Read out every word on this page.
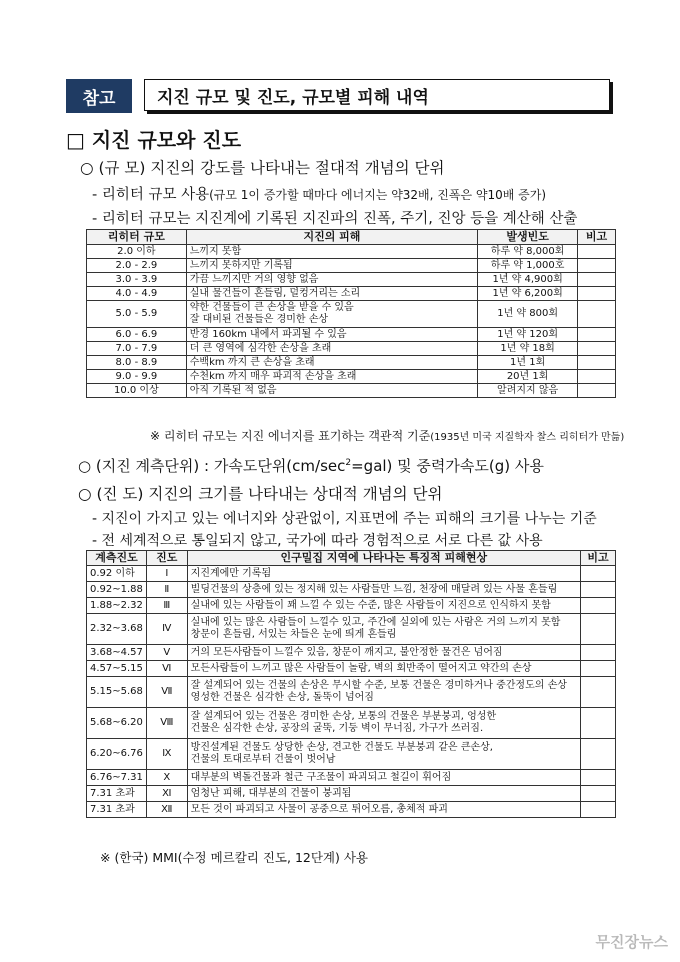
참고	지진 규모 및 진도, 규모별 피해 내역
□ 지진 규모와 진도
○ (규 모) 지진의 강도를 나타내는 절대적 개념의 단위
- 리히터 규모 사용(규모 1이 증가할 때마다 에너지는 약32배, 진폭은 약10배 증가)
- 리히터 규모는 지진계에 기록된 지진파의 진폭, 주기, 진앙 등을 계산해 산출
리히터 규모	지진의 피해	발생빈도	비고
2.0 이하	느끼지 못함	하루 약 8,000회	
2.0 - 2.9	느끼지 못하지만 기록됨	하루 약 1,000호	
3.0 - 3.9	가끔 느끼지만 거의 영향 없음	1년 약 4,900회	
4.0 - 4.9	실내 물건들이 흔들림, 덜컹거리는 소리	1년 약 6,200회	
5.0 - 5.9	약한 건물들이 큰 손상을 받을 수 있음
잘 대비된 건물들은 경미한 손상	1년 약 800회	
6.0 - 6.9	반경 160km 내에서 파괴될 수 있음	1년 약 120회	
7.0 - 7.9	더 큰 영역에 심각한 손상을 초래	1년 약 18회	
8.0 - 8.9	수백km 까지 큰 손상을 초래	1년 1회	
9.0 - 9.9	수천km 까지 매우 파괴적 손상을 초래	20년 1회	
10.0 이상	아직 기록된 적 없음	알려지지 않음	
※ 리히터 규모는 지진 에너지를 표기하는 객관적 기준(1935년 미국 지질학자 찰스 리히터가 만듦)
○ (지진 계측단위) : 가속도단위$(cm/\sec^2=gal)$ 및 중력가속도(g) 사용
○ (진 도) 지진의 크기를 나타내는 상대적 개념의 단위
- 지진이 가지고 있는 에너지와 상관없이, 지표면에 주는 피해의 크기를 나누는 기준
- 전 세계적으로 통일되지 않고, 국가에 따라 경험적으로 서로 다른 값 사용
계측진도	진도	인구밀집 지역에 나타나는 특징적 피해현상	비고
0.92 이하	Ⅰ	지진계에만 기록됨	
0.92~1.88	Ⅱ	빌딩건물의 상층에 있는 정지해 있는 사람들만 느낌, 천장에 매달려 있는 사물 흔들림	
1.88~2.32	Ⅲ	실내에 있는 사람들이 꽤 느낄 수 있는 수준, 많은 사람들이 지진으로 인식하지 못함	
2.32~3.68	Ⅳ	실내에 있는 많은 사람들이 느낄수 있고, 주간에 실외에 있는 사람은 거의 느끼지 못함
창문이 흔들림, 서있는 차들은 눈에 띄게 흔들림	
3.68~4.57	Ⅴ	거의 모든사람들이 느낄수 있음, 창문이 깨지고, 불안정한 물건은 넘어짐	
4.57~5.15	Ⅵ	모든사람들이 느끼고 많은 사람들이 놀람, 벽의 회반죽이 떨어지고 약간의 손상	
5.15~5.68	Ⅶ	잘 설계되어 있는 건물의 손상은 무시할 수준, 보통 건물은 경미하거나 중간정도의 손상
영성한 건물은 심각한 손상, 돌뚝이 넘어짐	
5.68~6.20	Ⅷ	잘 설계되어 있는 건물은 경미한 손상, 보통의 건물은 부분붕괴, 엉성한
건물은 심각한 손상, 공장의 굴뚝, 기둥 벽이 무너짐, 가구가 쓰러짐.	
6.20~6.76	Ⅸ	방진설계된 건물도 상당한 손상, 견고한 건물도 부분붕괴 같은 큰손상,
건물의 토대로부터 건물이 벗어남	
6.76~7.31	Ⅹ	대부분의 벽돌건물과 철근 구조물이 파괴되고 철길이 휘어짐	
7.31 초과	Ⅺ	엄청난 피해, 대부분의 건물이 붕괴됨	
7.31 초과	Ⅻ	모든 것이 파괴되고 사물이 공중으로 튀어오름, 총체적 파괴	
※ (한국) MMI(수정 메르칼리 진도, 12단계) 사용
무진장뉴스
